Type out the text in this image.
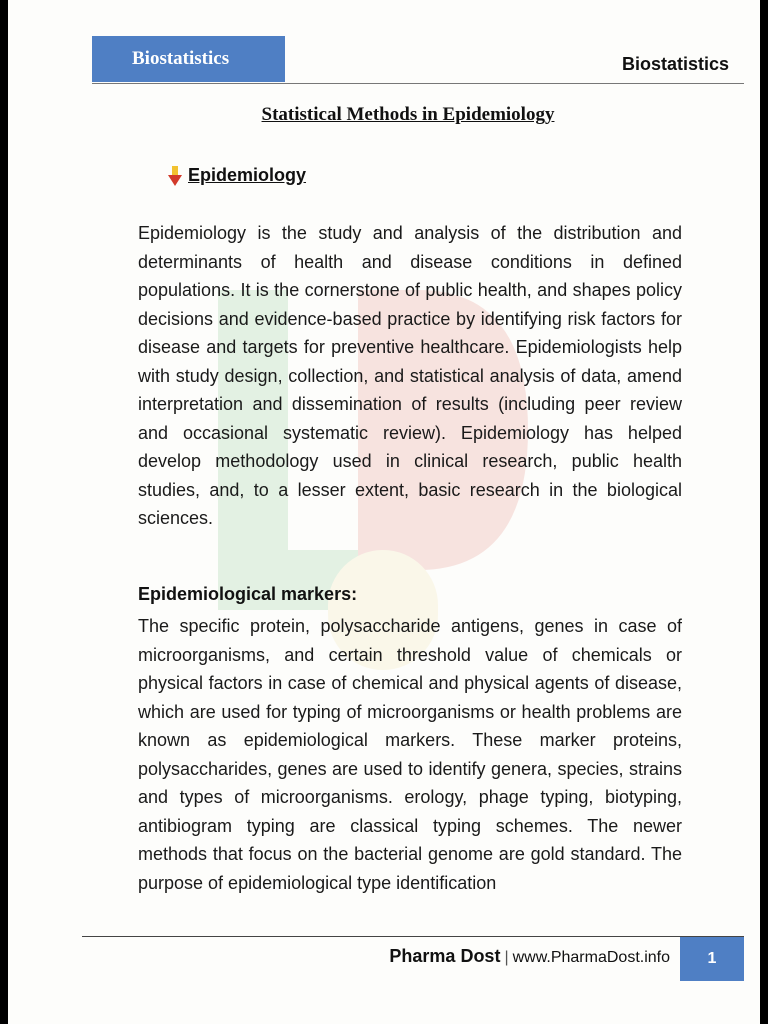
Biostatistics	Biostatistics
Statistical Methods in Epidemiology
Epidemiology
Epidemiology is the study and analysis of the distribution and determinants of health and disease conditions in defined populations. It is the cornerstone of public health, and shapes policy decisions and evidence-based practice by identifying risk factors for disease and targets for preventive healthcare. Epidemiologists help with study design, collection, and statistical analysis of data, amend interpretation and dissemination of results (including peer review and occasional systematic review). Epidemiology has helped develop methodology used in clinical research, public health studies, and, to a lesser extent, basic research in the biological sciences.
Epidemiological markers:
The specific protein, polysaccharide antigens, genes in case of microorganisms, and certain threshold value of chemicals or physical factors in case of chemical and physical agents of disease, which are used for typing of microorganisms or health problems are known as epidemiological markers. These marker proteins, polysaccharides, genes are used to identify genera, species, strains and types of microorganisms. erology, phage typing, biotyping, antibiogram typing are classical typing schemes. The newer methods that focus on the bacterial genome are gold standard. The purpose of epidemiological type identification
Pharma Dost | www.PharmaDost.info	1
